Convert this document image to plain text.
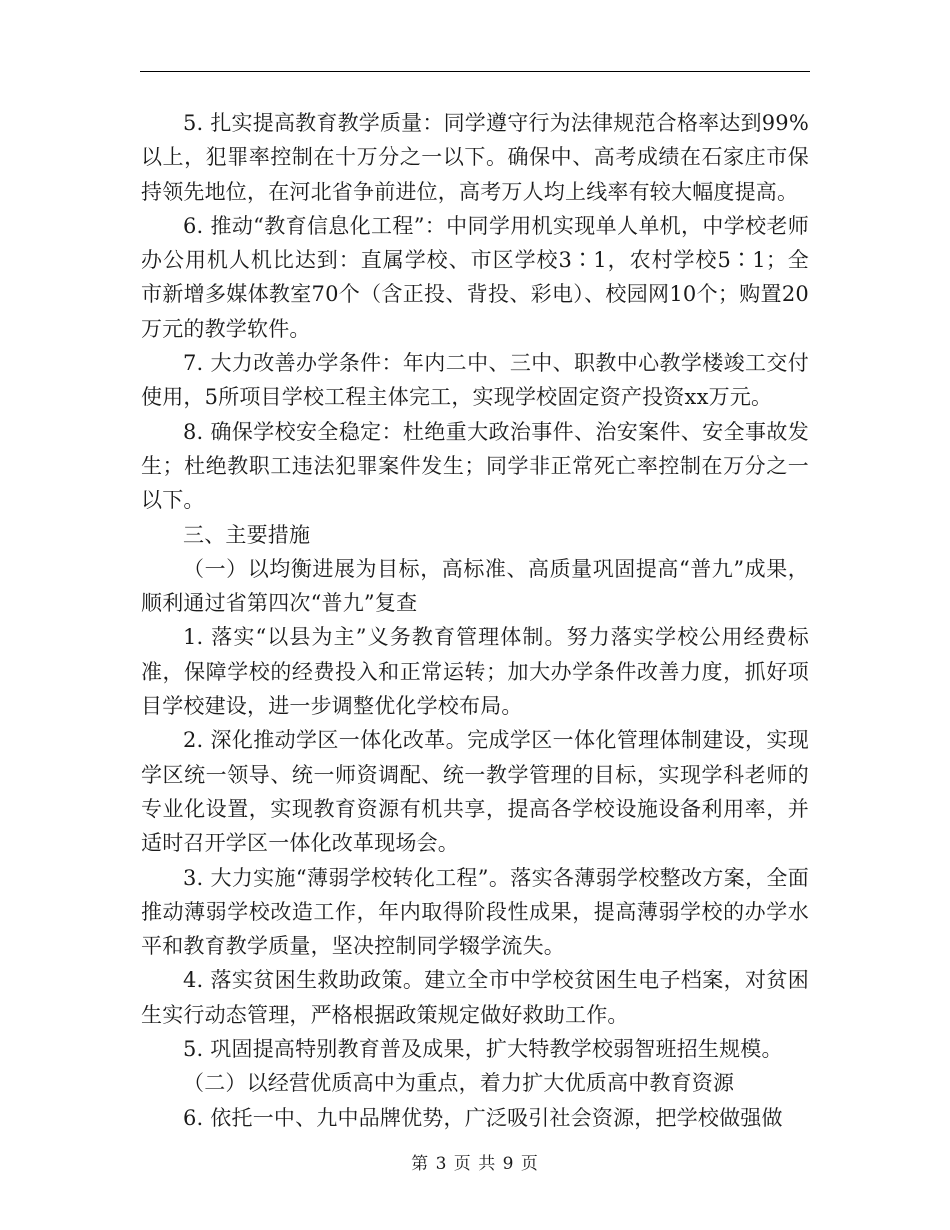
5. 扎实提高教育教学质量：同学遵守行为法律规范合格率达到99%以上，犯罪率控制在十万分之一以下。确保中、高考成绩在石家庄市保持领先地位，在河北省争前进位，高考万人均上线率有较大幅度提高。

6. 推动“教育信息化工程”：中同学用机实现单人单机，中学校老师办公用机人机比达到：直属学校、市区学校3∶1，农村学校5∶1；全市新增多媒体教室70个（含正投、背投、彩电）、校园网10个；购置20万元的教学软件。

7. 大力改善办学条件：年内二中、三中、职教中心教学楼竣工交付使用，5所项目学校工程主体完工，实现学校固定资产投资xx万元。

8. 确保学校安全稳定：杜绝重大政治事件、治安案件、安全事故发生；杜绝教职工违法犯罪案件发生；同学非正常死亡率控制在万分之一以下。

三、主要措施

（一）以均衡进展为目标，高标准、高质量巩固提高“普九”成果，顺利通过省第四次“普九”复查

1. 落实“以县为主”义务教育管理体制。努力落实学校公用经费标准，保障学校的经费投入和正常运转；加大办学条件改善力度，抓好项目学校建设，进一步调整优化学校布局。

2. 深化推动学区一体化改革。完成学区一体化管理体制建设，实现学区统一领导、统一师资调配、统一教学管理的目标，实现学科老师的专业化设置，实现教育资源有机共享，提高各学校设施设备利用率，并适时召开学区一体化改革现场会。

3. 大力实施“薄弱学校转化工程”。落实各薄弱学校整改方案，全面推动薄弱学校改造工作，年内取得阶段性成果，提高薄弱学校的办学水平和教育教学质量，坚决控制同学辍学流失。

4. 落实贫困生救助政策。建立全市中学校贫困生电子档案，对贫困生实行动态管理，严格根据政策规定做好救助工作。

5. 巩固提高特别教育普及成果，扩大特教学校弱智班招生规模。

（二）以经营优质高中为重点，着力扩大优质高中教育资源

6. 依托一中、九中品牌优势，广泛吸引社会资源，把学校做强做

第 3 页 共 9 页
